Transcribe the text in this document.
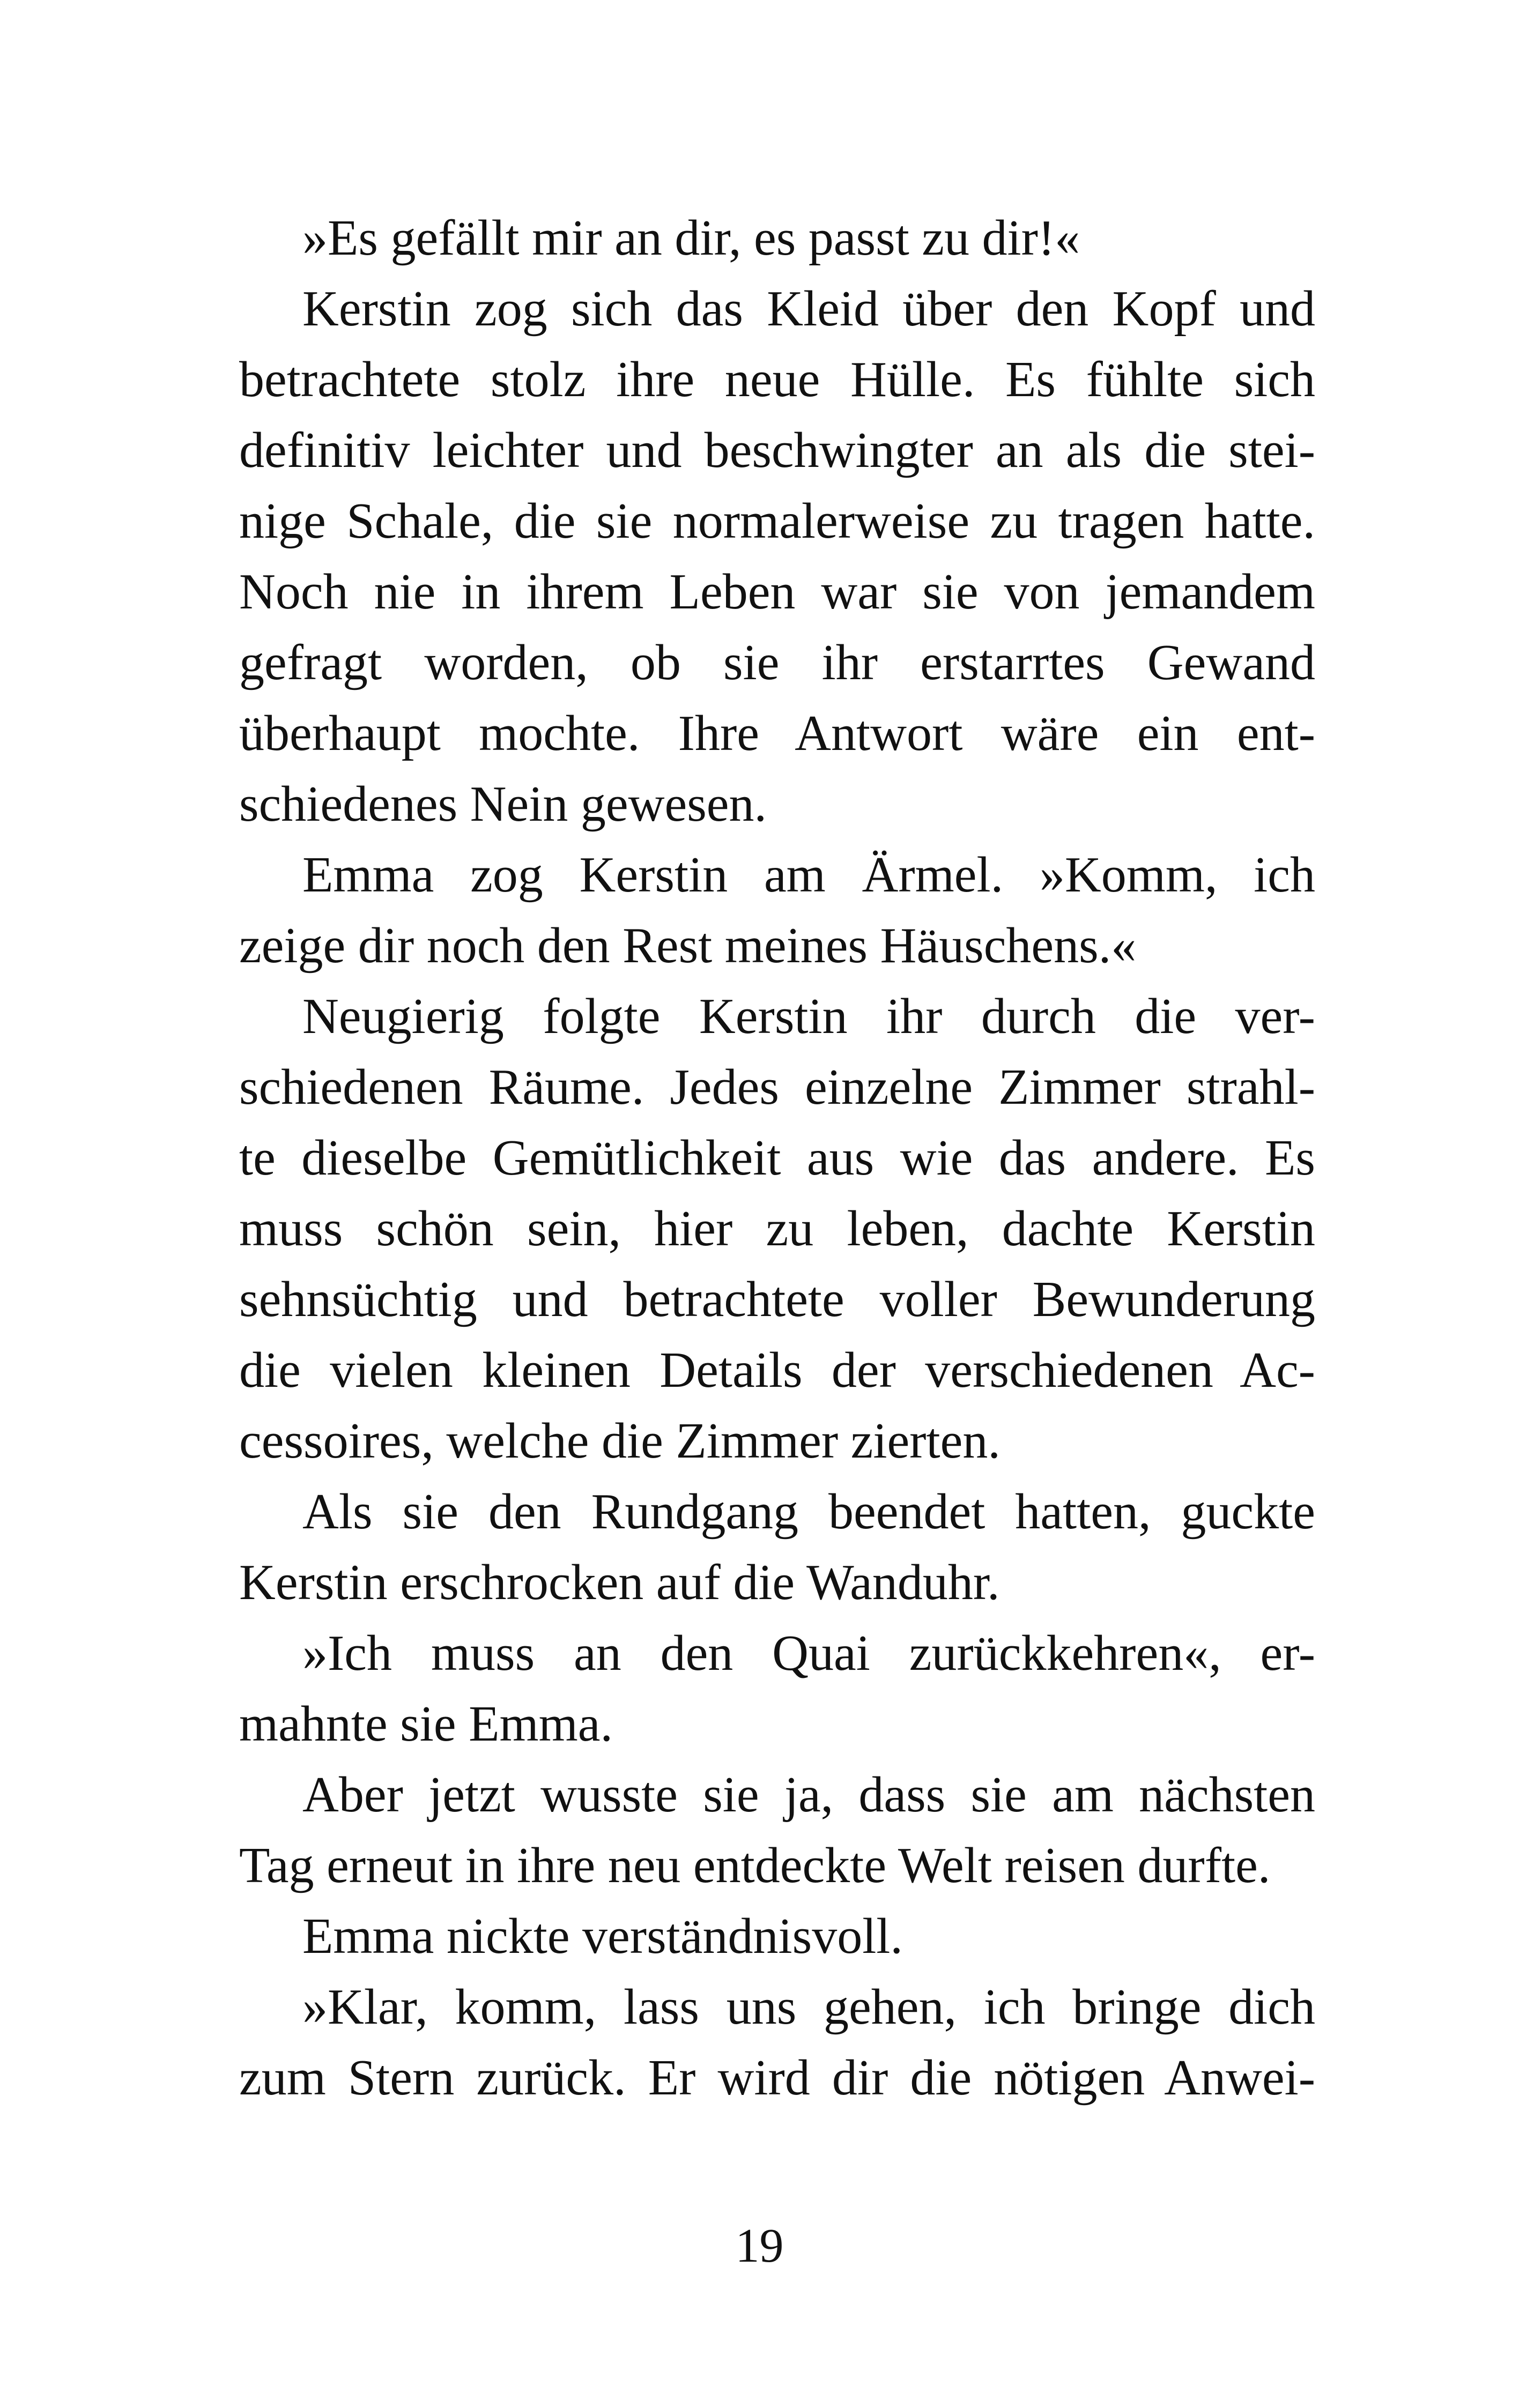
»Es gefällt mir an dir, es passt zu dir!«
Kerstin zog sich das Kleid über den Kopf und
betrachtete stolz ihre neue Hülle. Es fühlte sich
definitiv leichter und beschwingter an als die stei-
nige Schale, die sie normalerweise zu tragen hatte.
Noch nie in ihrem Leben war sie von jemandem
gefragt worden, ob sie ihr erstarrtes Gewand
überhaupt mochte. Ihre Antwort wäre ein ent-
schiedenes Nein gewesen.
Emma zog Kerstin am Ärmel. »Komm, ich
zeige dir noch den Rest meines Häuschens.«
Neugierig folgte Kerstin ihr durch die ver-
schiedenen Räume. Jedes einzelne Zimmer strahl-
te dieselbe Gemütlichkeit aus wie das andere. Es
muss schön sein, hier zu leben, dachte Kerstin
sehnsüchtig und betrachtete voller Bewunderung
die vielen kleinen Details der verschiedenen Ac-
cessoires, welche die Zimmer zierten.
Als sie den Rundgang beendet hatten, guckte
Kerstin erschrocken auf die Wanduhr.
»Ich muss an den Quai zurückkehren«, er-
mahnte sie Emma.
Aber jetzt wusste sie ja, dass sie am nächsten
Tag erneut in ihre neu entdeckte Welt reisen durfte.
Emma nickte verständnisvoll.
»Klar, komm, lass uns gehen, ich bringe dich
zum Stern zurück. Er wird dir die nötigen Anwei-
19
